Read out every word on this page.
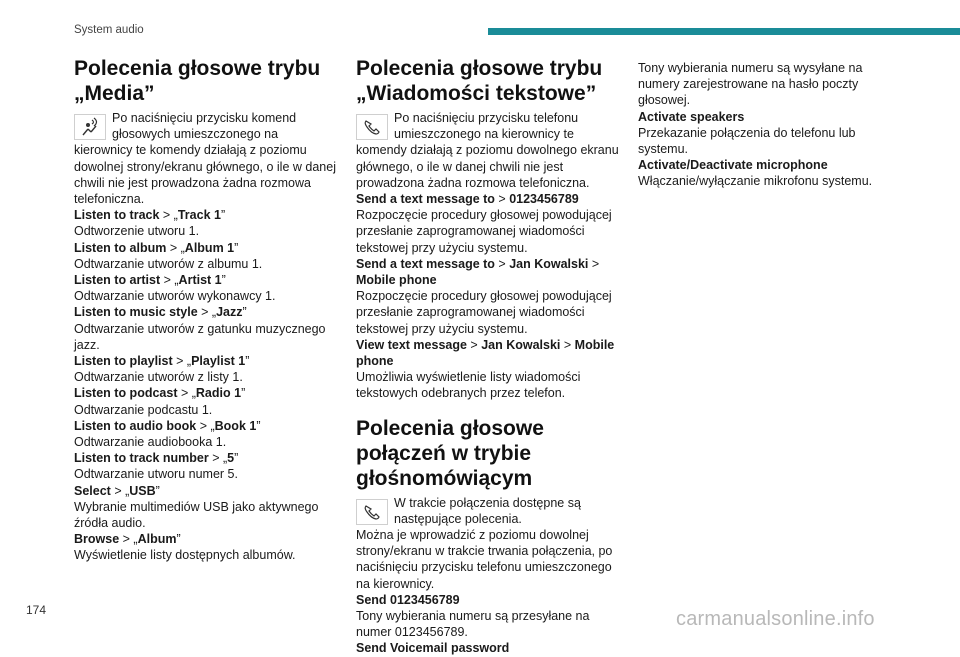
System audio
Polecenia głosowe trybu „Media”
Po naciśnięciu przycisku komend głosowych umieszczonego na kierownicy te komendy działają z poziomu dowolnej strony/ekranu głównego, o ile w danej chwili nie jest prowadzona żadna rozmowa telefoniczna.

Listen to track > „Track 1”

Odtworzenie utworu 1.

Listen to album > „Album 1”

Odtwarzanie utworów z albumu 1.

Listen to artist > „Artist 1”

Odtwarzanie utworów wykonawcy 1.

Listen to music style > „Jazz”

Odtwarzanie utworów z gatunku muzycznego jazz.

Listen to playlist > „Playlist 1”

Odtwarzanie utworów z listy 1.

Listen to podcast > „Radio 1”

Odtwarzanie podcastu 1.

Listen to audio book > „Book 1”

Odtwarzanie audiobooka 1.

Listen to track number > „5”

Odtwarzanie utworu numer 5.

Select > „USB”

Wybranie multimediów USB jako aktywnego źródła audio.

Browse > „Album”

Wyświetlenie listy dostępnych albumów.

Polecenia głosowe trybu „Wiadomości tekstowe”
Po naciśnięciu przycisku telefonu umieszczonego na kierownicy te komendy działają z poziomu dowolnego ekranu głównego, o ile w danej chwili nie jest prowadzona żadna rozmowa telefoniczna.

Send a text message to > 0123456789

Rozpoczęcie procedury głosowej powodującej przesłanie zaprogramowanej wiadomości tekstowej przy użyciu systemu.

Send a text message to > Jan Kowalski > Mobile phone

Rozpoczęcie procedury głosowej powodującej przesłanie zaprogramowanej wiadomości tekstowej przy użyciu systemu.

View text message > Jan Kowalski > Mobile phone

Umożliwia wyświetlenie listy wiadomości tekstowych odebranych przez telefon.

Polecenia głosowe połączeń w trybie głośnomówiącym
W trakcie połączenia dostępne są następujące polecenia.

Można je wprowadzić z poziomu dowolnej strony/ekranu w trakcie trwania połączenia, po naciśnięciu przycisku telefonu umieszczonego na kierownicy.

Send 0123456789

Tony wybierania numeru są przesyłane na numer 0123456789.

Send Voicemail password

Tony wybierania numeru są wysyłane na numery zarejestrowane na hasło poczty głosowej.

Activate speakers

Przekazanie połączenia do telefonu lub systemu.

Activate/Deactivate microphone

Włączanie/wyłączanie mikrofonu systemu.

174	carmanualsonline.info
